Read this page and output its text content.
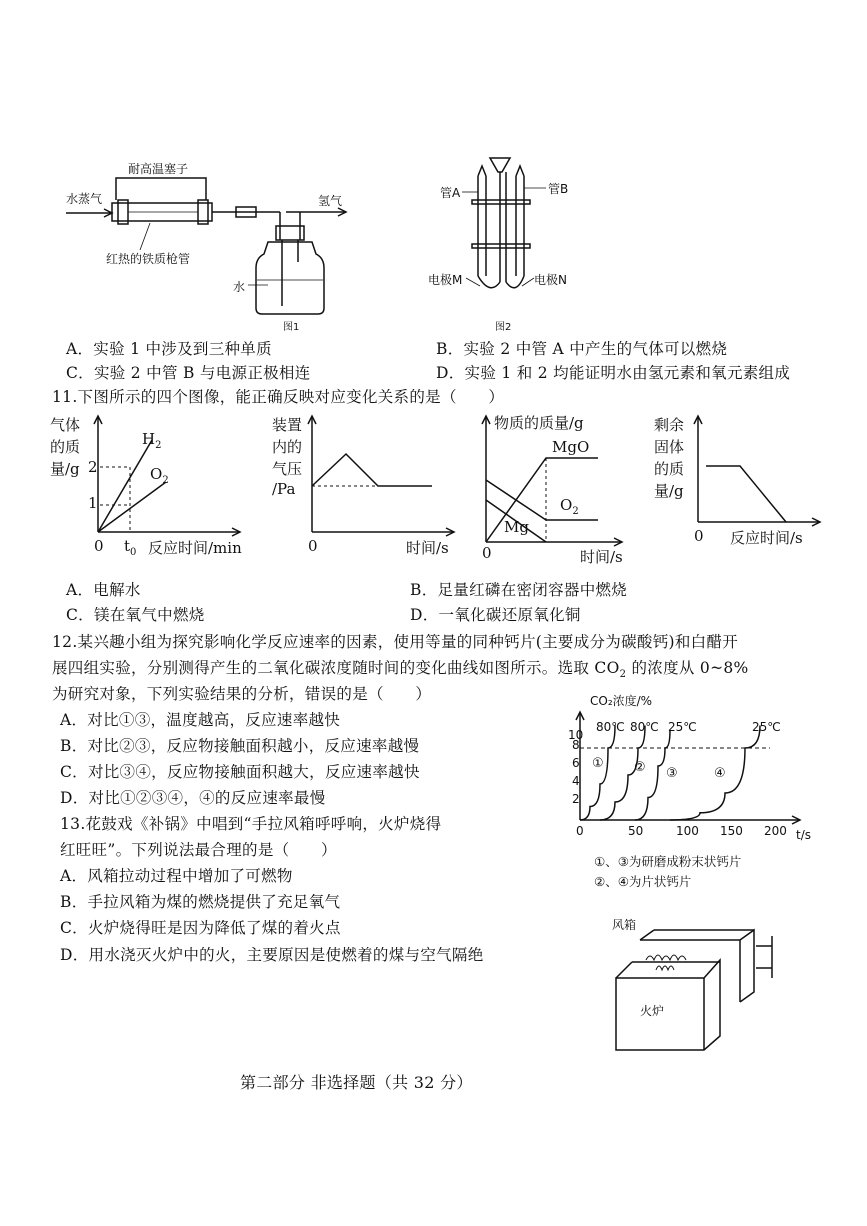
耐高温塞子
水蒸气	氢气
红热的铁质枪管
水
图1
管A	管B
电极M	电极N
图2
A．实验 1 中涉及到三种单质	B．实验 2 中管 A 中产生的气体可以燃烧
C．实验 2 中管 B 与电源正极相连	D．实验 1 和 2 均能证明水由氢元素和氧元素组成
11.下图所示的四个图像，能正确反映对应变化关系的是（　　）
气体
的质
量/g 2
1
0 $t_0$ 反应时间/min
$H_2$
$O_2$
装置
内的
气压
/Pa
0	时间/s
物质的质量/g
MgO
$O_2$
Mg
0	时间/s
剩余
固体
的质
量/g
0 反应时间/s
A．电解水	B．足量红磷在密闭容器中燃烧
C．镁在氧气中燃烧	D．一氧化碳还原氧化铜
12.某兴趣小组为探究影响化学反应速率的因素，使用等量的同种钙片(主要成分为碳酸钙)和白醋开
展四组实验，分别测得产生的二氧化碳浓度随时间的变化曲线如图所示。选取 $CO_2$ 的浓度从 0~8%
为研究对象，下列实验结果的分析，错误的是（　　）
A．对比①③，温度越高，反应速率越快
B．对比②③，反应物接触面积越小，反应速率越慢
C．对比③④，反应物接触面积越大，反应速率越快
D．对比①②③④，④的反应速率最慢
CO₂浓度/%
10
8
6
4
2
0	50	100 150 200 t/s
80℃ 80℃ 25℃	25℃
① ② ③	④
①、③为研磨成粉末状钙片
②、④为片状钙片
13.花鼓戏《补锅》中唱到“手拉风箱呼呼响，火炉烧得
红旺旺”。下列说法最合理的是（　　）
A．风箱拉动过程中增加了可燃物
B．手拉风箱为煤的燃烧提供了充足氧气
C．火炉烧得旺是因为降低了煤的着火点
D．用水浇灭火炉中的火，主要原因是使燃着的煤与空气隔绝
风箱
火炉
第二部分 非选择题（共 32 分）
